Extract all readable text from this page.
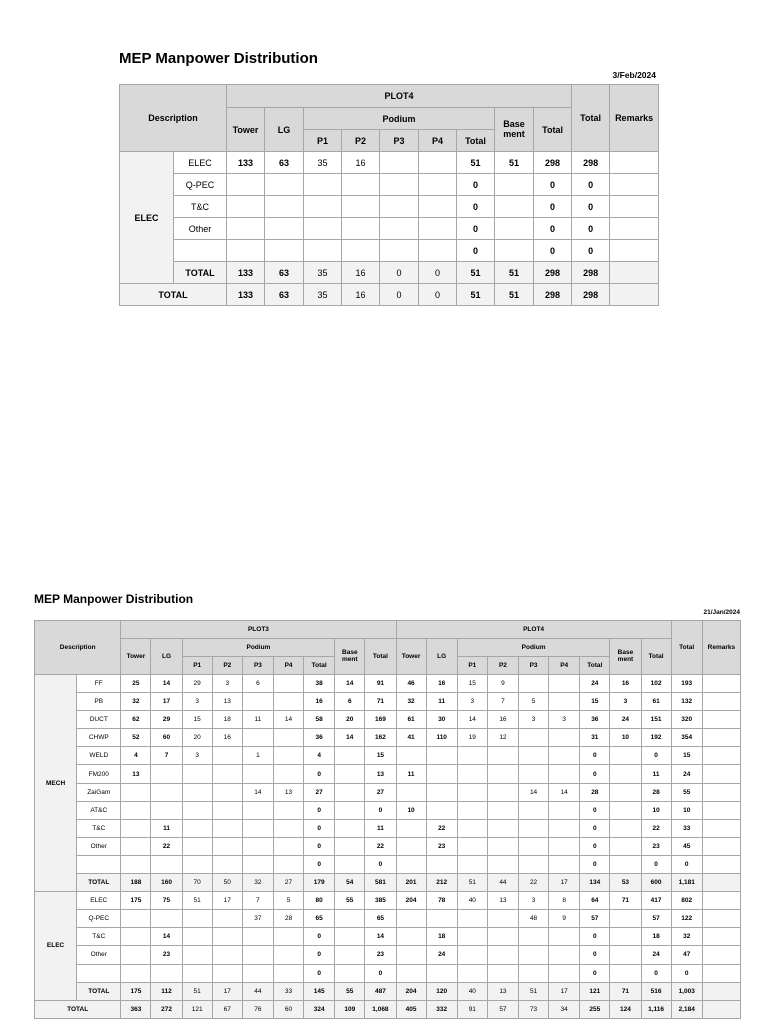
MEP Manpower Distribution
3/Feb/2024
Description		PLOT4									Total	Remarks
		Tower	LG	Podium					Base ment	Total		
				P1	P2	P3	P4	Total				
ELEC	ELEC	133	63	35	16			51	51	298	298	
	Q-PEC							0		0	0	
	T&C							0		0	0	
	Other							0		0	0	
								0		0	0	
	TOTAL	133	63	35	16	0	0	51	51	298	298	
TOTAL		133	63	35	16	0	0	51	51	298	298	
MEP Manpower Distribution
21/Jan/2024
Description		PLOT3									PLOT4									Total	Remarks
		Tower	LG	Podium					Base ment	Total	Tower	LG	Podium					Base ment	Total		
				P1	P2	P3	P4	Total					P1	P2	P3	P4	Total				
MECH	FF	25	14	29	3	6		38	14	91	46	16	15	9			24	16	102	193	
	PB	32	17	3	13			16	6	71	32	11	3	7	5		15	3	61	132	
	DUCT	62	29	15	18	11	14	58	20	169	61	30	14	16	3	3	36	24	151	320	
	CHWP	52	60	20	16			36	14	162	41	110	19	12			31	10	192	354	
	WELD	4	7	3		1		4		15							0		0	15	
	FM200	13						0		13	11						0		11	24	
	ZaiGam					14	13	27		27					14	14	28		28	55	
	AT&C							0		0	10						0		10	10	
	T&C		11					0		11		22					0		22	33	
	Other		22					0		22		23					0		23	45	
								0		0							0		0	0	
	TOTAL	188	160	70	50	32	27	179	54	581	201	212	51	44	22	17	134	53	600	1,181	
ELEC	ELEC	175	75	51	17	7	5	80	55	385	204	78	40	13	3	8	64	71	417	802	
	Q-PEC					37	28	65		65					48	9	57		57	122	
	T&C		14					0		14		18					0		18	32	
	Other		23					0		23		24					0		24	47	
								0		0							0		0	0	
	TOTAL	175	112	51	17	44	33	145	55	487	204	120	40	13	51	17	121	71	516	1,003	
TOTAL		363	272	121	67	76	60	324	109	1,068	405	332	91	57	73	34	255	124	1,116	2,184	
